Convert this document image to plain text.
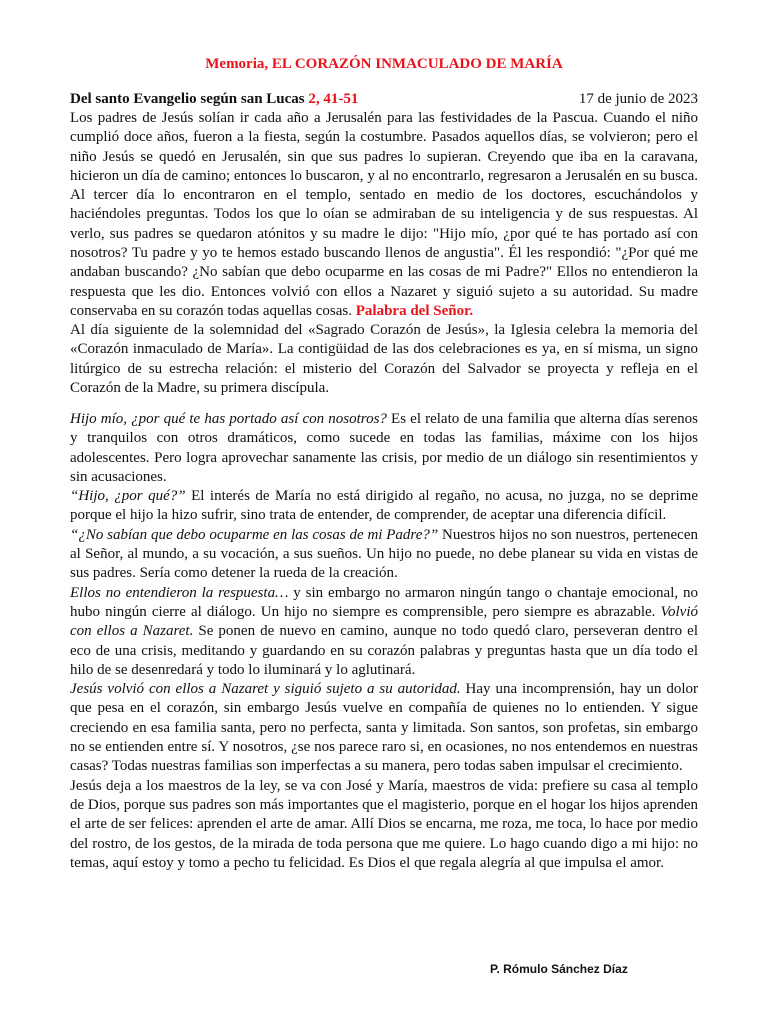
Memoria, EL CORAZÓN INMACULADO DE MARÍA
Del santo Evangelio según san Lucas 2, 41-51	17 de junio de 2023

Los padres de Jesús solían ir cada año a Jerusalén para las festividades de la Pascua. Cuando el niño cumplió doce años, fueron a la fiesta, según la costumbre. Pasados aquellos días, se volvieron; pero el niño Jesús se quedó en Jerusalén, sin que sus padres lo supieran. Creyendo que iba en la caravana, hicieron un día de camino; entonces lo buscaron, y al no encontrarlo, regresaron a Jerusalén en su busca. Al tercer día lo encontraron en el templo, sentado en medio de los doctores, escuchándolos y haciéndoles preguntas. Todos los que lo oían se admiraban de su inteligencia y de sus respuestas. Al verlo, sus padres se quedaron atónitos y su madre le dijo: "Hijo mío, ¿por qué te has portado así con nosotros? Tu padre y yo te hemos estado buscando llenos de angustia". Él les respondió: "¿Por qué me andaban buscando? ¿No sabían que debo ocuparme en las cosas de mi Padre?" Ellos no entendieron la respuesta que les dio. Entonces volvió con ellos a Nazaret y siguió sujeto a su autoridad. Su madre conservaba en su corazón todas aquellas cosas. Palabra del Señor.

Al día siguiente de la solemnidad del «Sagrado Corazón de Jesús», la Iglesia celebra la memoria del «Corazón inmaculado de María». La contigüidad de las dos celebraciones es ya, en sí misma, un signo litúrgico de su estrecha relación: el misterio del Corazón del Salvador se proyecta y refleja en el Corazón de la Madre, su primera discípula.

Hijo mío, ¿por qué te has portado así con nosotros? Es el relato de una familia que alterna días serenos y tranquilos con otros dramáticos, como sucede en todas las familias, máxime con los hijos adolescentes. Pero logra aprovechar sanamente las crisis, por medio de un diálogo sin resentimientos y sin acusaciones.
“Hijo, ¿por qué?” El interés de María no está dirigido al regaño, no acusa, no juzga, no se deprime porque el hijo la hizo sufrir, sino trata de entender, de comprender, de aceptar una diferencia difícil.
“¿No sabían que debo ocuparme en las cosas de mi Padre?” Nuestros hijos no son nuestros, pertenecen al Señor, al mundo, a su vocación, a sus sueños. Un hijo no puede, no debe planear su vida en vistas de sus padres. Sería como detener la rueda de la creación.
Ellos no entendieron la respuesta… y sin embargo no armaron ningún tango o chantaje emocional, no hubo ningún cierre al diálogo. Un hijo no siempre es comprensible, pero siempre es abrazable. Volvió con ellos a Nazaret. Se ponen de nuevo en camino, aunque no todo quedó claro, perseveran dentro el eco de una crisis, meditando y guardando en su corazón palabras y preguntas hasta que un día todo el hilo de se desenredará y todo lo iluminará y lo aglutinará.
Jesús volvió con ellos a Nazaret y siguió sujeto a su autoridad. Hay una incomprensión, hay un dolor que pesa en el corazón, sin embargo Jesús vuelve en compañía de quienes no lo entienden. Y sigue creciendo en esa familia santa, pero no perfecta, santa y limitada. Son santos, son profetas, sin embargo no se entienden entre sí. Y nosotros, ¿se nos parece raro si, en ocasiones, no nos entendemos en nuestras casas? Todas nuestras familias son imperfectas a su manera, pero todas saben impulsar el crecimiento.
Jesús deja a los maestros de la ley, se va con José y María, maestros de vida: prefiere su casa al templo de Dios, porque sus padres son más importantes que el magisterio, porque en el hogar los hijos aprenden el arte de ser felices: aprenden el arte de amar. Allí Dios se encarna, me roza, me toca, lo hace por medio del rostro, de los gestos, de la mirada de toda persona que me quiere. Lo hago cuando digo a mi hijo: no temas, aquí estoy y tomo a pecho tu felicidad. Es Dios el que regala alegría al que impulsa el amor.

P. Rómulo Sánchez Díaz
